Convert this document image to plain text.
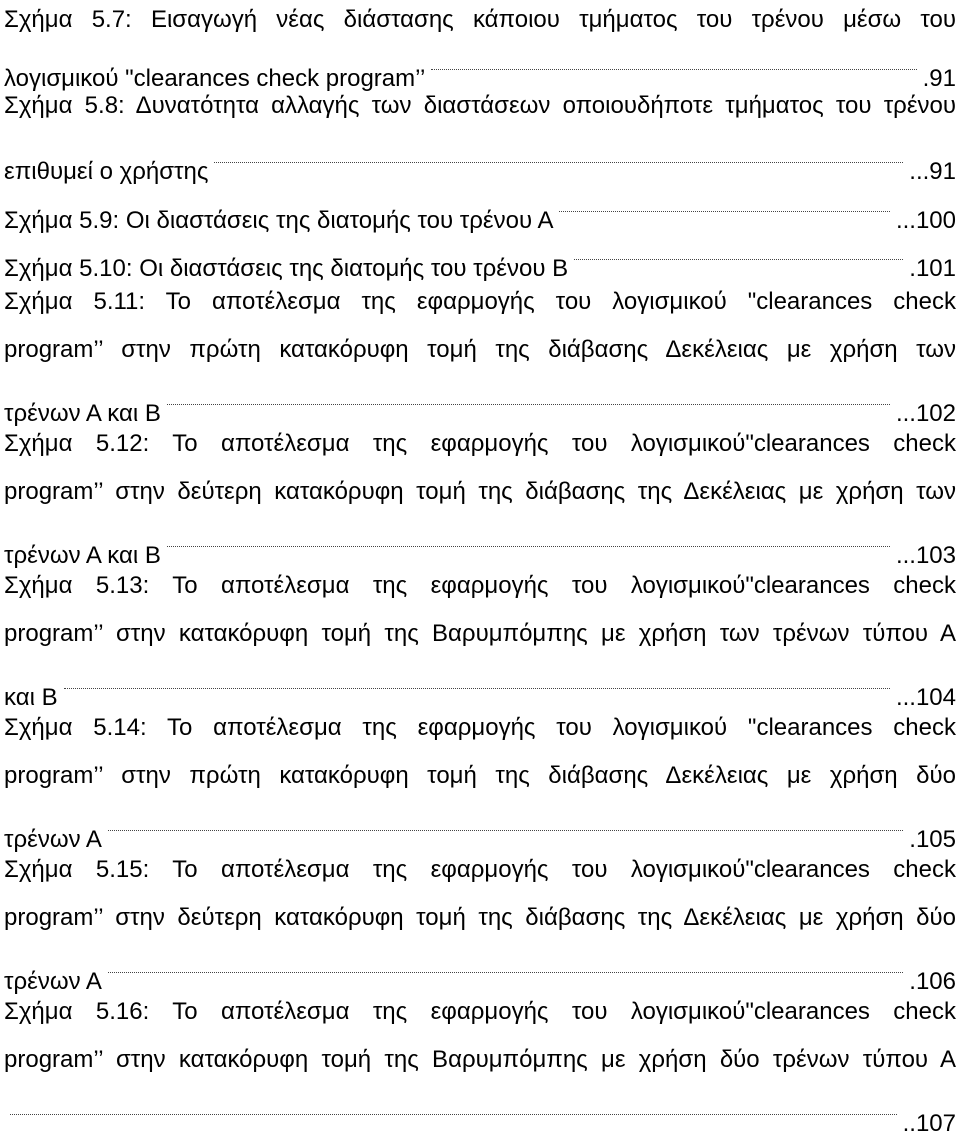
Σχήμα 5.7: Εισαγωγή νέας διάστασης κάποιου τμήματος του τρένου μέσω του
λογισμικού "clearances check program’’	.91
Σχήμα 5.8: Δυνατότητα αλλαγής των διαστάσεων οποιουδήποτε τμήματος του τρένου
επιθυμεί ο χρήστης	...91
Σχήμα 5.9: Οι διαστάσεις της διατομής του τρένου Α	...100
Σχήμα 5.10: Οι διαστάσεις της διατομής του τρένου Β	.101
Σχήμα 5.11: Το αποτέλεσμα της εφαρμογής του λογισμικού "clearances check
program’’ στην πρώτη κατακόρυφη τομή της διάβασης Δεκέλειας με χρήση των
τρένων Α και Β	...102
Σχήμα 5.12: Το αποτέλεσμα της εφαρμογής του λογισμικού"clearances check
program’’ στην δεύτερη κατακόρυφη τομή της διάβασης της Δεκέλειας με χρήση των
τρένων Α και Β	...103
Σχήμα 5.13: Το αποτέλεσμα της εφαρμογής του λογισμικού"clearances check
program’’ στην κατακόρυφη τομή της Βαρυμπόμπης με χρήση των τρένων τύπου Α
και Β	...104
Σχήμα 5.14: Το αποτέλεσμα της εφαρμογής του λογισμικού "clearances check
program’’ στην πρώτη κατακόρυφη τομή της διάβασης Δεκέλειας με χρήση δύο
τρένων Α	.105
Σχήμα 5.15: Το αποτέλεσμα της εφαρμογής του λογισμικού"clearances check
program’’ στην δεύτερη κατακόρυφη τομή της διάβασης της Δεκέλειας με χρήση δύο
τρένων Α	.106
Σχήμα 5.16: Το αποτέλεσμα της εφαρμογής του λογισμικού"clearances check
program’’ στην κατακόρυφη τομή της Βαρυμπόμπης με χρήση δύο τρένων τύπου Α
..107
